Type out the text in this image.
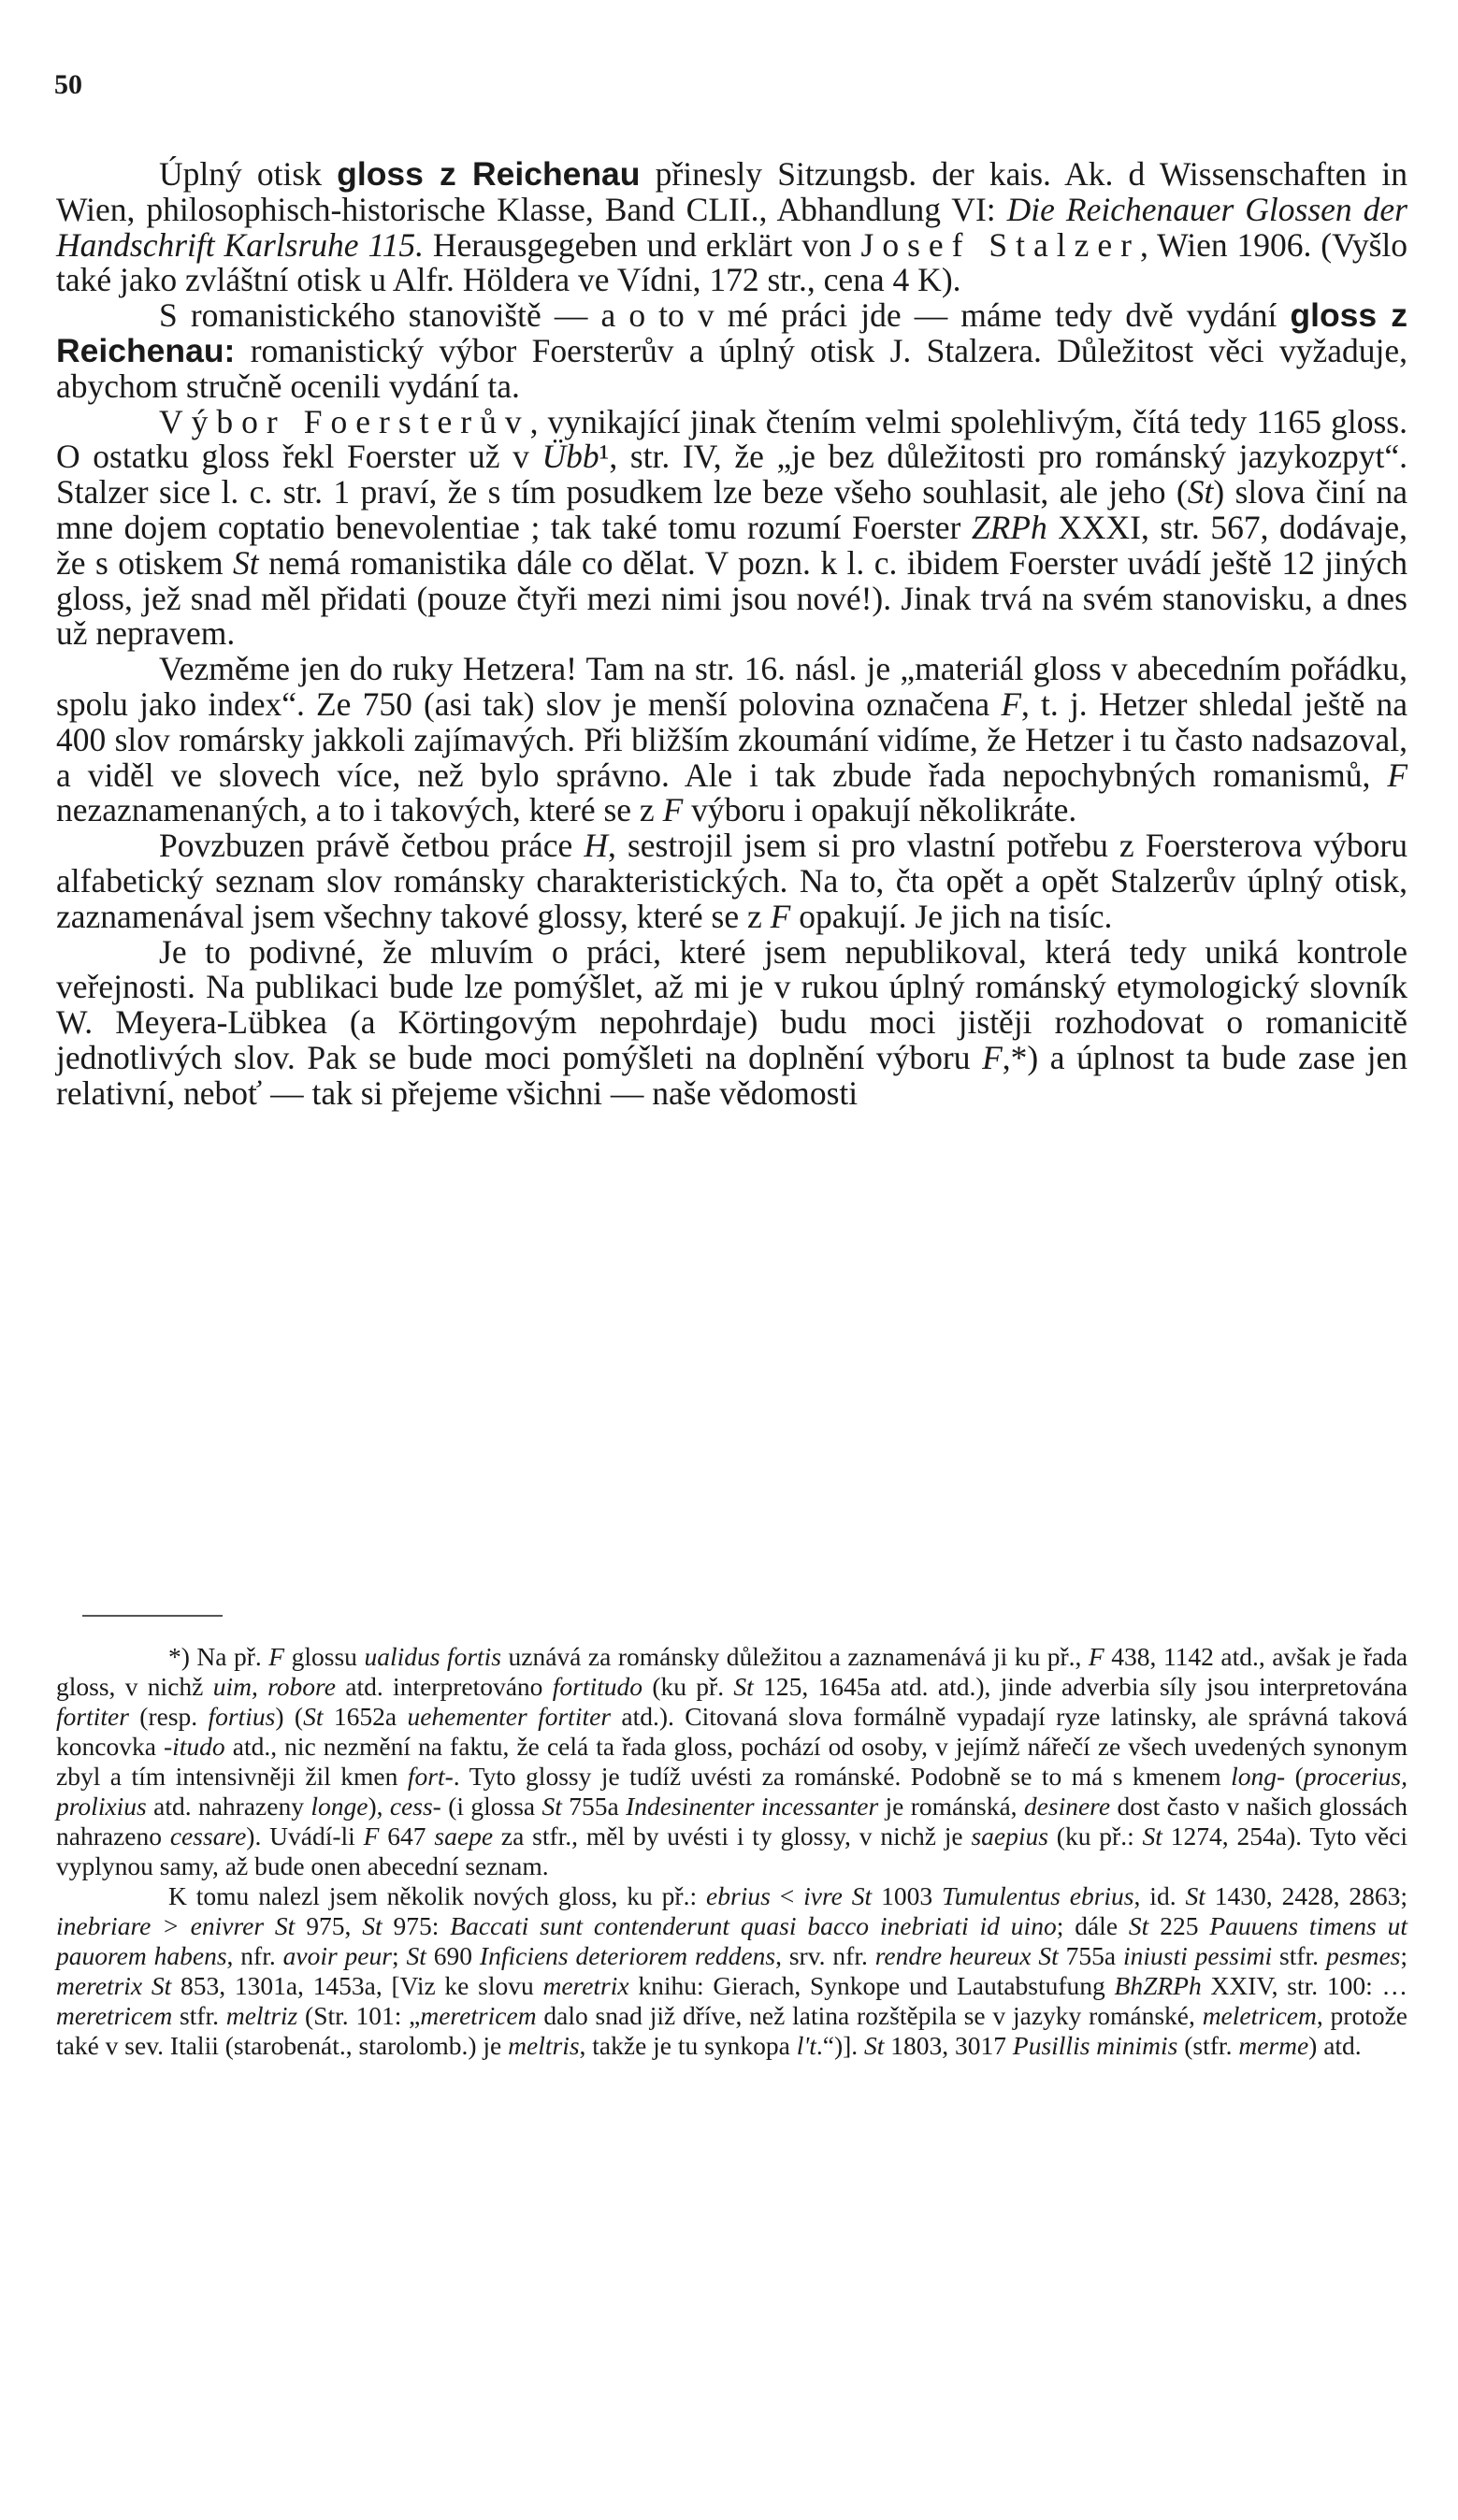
50

Úplný otisk gloss z Reichenau přinesly Sitzungsb. der kais. Ak. d Wissenschaften in Wien, philosophisch-historische Klasse, Band CLII., Abhandlung VI: Die Reichenauer Glossen der Handschrift Karlsruhe 115. Herausgegeben und erklärt von Josef Stalzer, Wien 1906. (Vyšlo také jako zvláštní otisk u Alfr. Höldera ve Vídni, 172 str., cena 4 K).

S romanistického stanoviště — a o to v mé práci jde — máme tedy dvě vydání gloss z Reichenau: romanistický výbor Foersterův a úplný otisk J. Stalzera. Důležitost věci vyžaduje, abychom stručně ocenili vydání ta.

Výbor Foersterův, vynikající jinak čtením velmi spolehlivým, čítá tedy 1165 gloss. O ostatku gloss řekl Foerster už v Übb¹, str. IV, že „je bez důležitosti pro románský jazykozpyt“. Stalzer sice l. c. str. 1 praví, že s tím posudkem lze beze všeho souhlasit, ale jeho (St) slova činí na mne dojem coptatio benevolentiae ; tak také tomu rozumí Foerster ZRPh XXXI, str. 567, dodávaje, že s otiskem St nemá romanistika dále co dělat. V pozn. k l. c. ibidem Foerster uvádí ještě 12 jiných gloss, jež snad měl přidati (pouze čtyři mezi nimi jsou nové!). Jinak trvá na svém stanovisku, a dnes už nepravem.

Vezměme jen do ruky Hetzera! Tam na str. 16. násl. je „materiál gloss v abecedním pořádku, spolu jako index“. Ze 750 (asi tak) slov je menší polovina označena F, t. j. Hetzer shledal ještě na 400 slov romársky jakkoli zajímavých. Při bližším zkoumání vidíme, že Hetzer i tu často nadsazoval, a viděl ve slovech více, než bylo správno. Ale i tak zbude řada nepochybných romanismů, F nezaznamenaných, a to i takových, které se z F výboru i opakují několikráte.

Povzbuzen právě četbou práce H, sestrojil jsem si pro vlastní potřebu z Foersterova výboru alfabetický seznam slov románsky charakteristických. Na to, čta opět a opět Stalzerův úplný otisk, zaznamenával jsem všechny takové glossy, které se z F opakují. Je jich na tisíc.

Je to podivné, že mluvím o práci, které jsem nepublikoval, která tedy uniká kontrole veřejnosti. Na publikaci bude lze pomýšlet, až mi je v rukou úplný románský etymologický slovník W. Meyera-Lübkea (a Körtingovým nepohrdaje) budu moci jistěji rozhodovat o romanicitě jednotlivých slov. Pak se bude moci pomýšleti na doplnění výboru F,*) a úplnost ta bude zase jen relativní, neboť — tak si přejeme všichni — naše vědomosti

*) Na př. F glossu ualidus fortis uznává za románsky důležitou a zaznamenává ji ku př., F 438, 1142 atd., avšak je řada gloss, v nichž uim, robore atd. interpretováno fortitudo (ku př. St 125, 1645a atd. atd.), jinde adverbia síly jsou interpretována fortiter (resp. fortius) (St 1652a uehementer fortiter atd.). Citovaná slova formálně vypadají ryze latinsky, ale správná taková koncovka -itudo atd., nic nezmění na faktu, že celá ta řada gloss, pochází od osoby, v jejímž nářečí ze všech uvedených synonym zbyl a tím intensivněji žil kmen fort-. Tyto glossy je tudíž uvésti za románské. Podobně se to má s kmenem long- (procerius, prolixius atd. nahrazeny longe), cess- (i glossa St 755a Indesinenter incessanter je románská, desinere dost často v našich glossách nahrazeno cessare). Uvádí-li F 647 saepe za stfr., měl by uvésti i ty glossy, v nichž je saepius (ku př.: St 1274, 254a). Tyto věci vyplynou samy, až bude onen abecední seznam.

K tomu nalezl jsem několik nových gloss, ku př.: ebrius < ivre St 1003 Tumulentus ebrius, id. St 1430, 2428, 2863; inebriare > enivrer St 975, St 975: Baccati sunt contenderunt quasi bacco inebriati id uino; dále St 225 Pauuens timens ut pauorem habens, nfr. avoir peur; St 690 Inficiens deteriorem reddens, srv. nfr. rendre heureux St 755a iniusti pessimi stfr. pesmes; meretrix St 853, 1301a, 1453a, [Viz ke slovu meretrix knihu: Gierach, Synkope und Lautabstufung BhZRPh XXIV, str. 100: … meretricem stfr. meltriz (Str. 101: „meretricem dalo snad již dříve, než latina rozštěpila se v jazyky románské, meletricem, protože také v sev. Italii (starobenát., starolomb.) je meltris, takže je tu synkopa l't.“)]. St 1803, 3017 Pusillis minimis (stfr. merme) atd.
